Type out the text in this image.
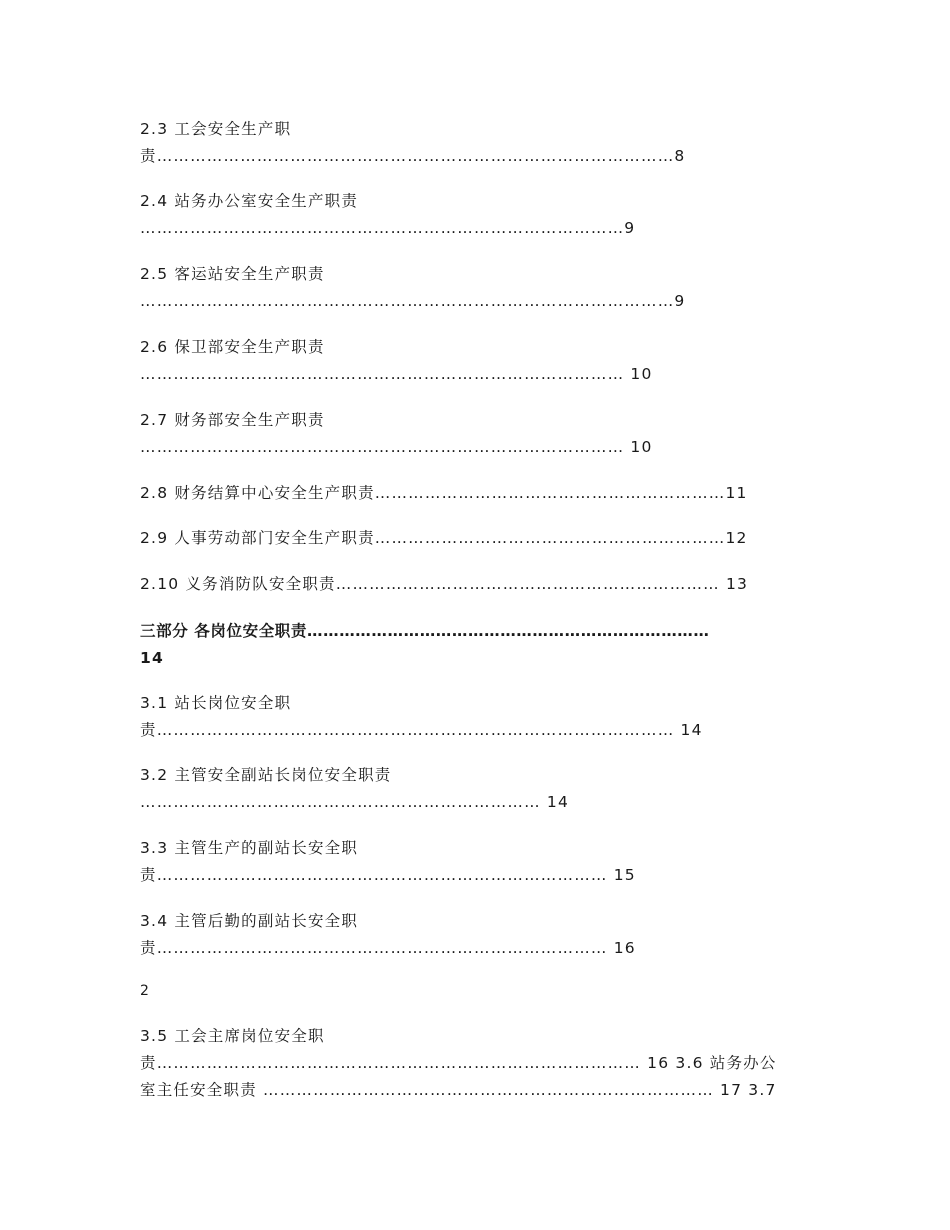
2.3 工会安全生产职
责…………………………………………………………………………………8
2.4 站务办公室安全生产职责
……………………………………………………………………………9
2.5 客运站安全生产职责
……………………………………………………………………………………9
2.6 保卫部安全生产职责
…………………………………………………………………………… 10
2.7 财务部安全生产职责
…………………………………………………………………………… 10
2.8 财务结算中心安全生产职责………………………………………………………11
2.9 人事劳动部门安全生产职责………………………………………………………12
2.10 义务消防队安全职责…………………………………………………………… 13
三部分 各岗位安全职责…………………………………………………………………
14
3.1 站长岗位安全职
责………………………………………………………………………………… 14
3.2 主管安全副站长岗位安全职责
……………………………………………………………… 14
3.3 主管生产的副站长安全职
责……………………………………………………………………… 15
3.4 主管后勤的副站长安全职
责……………………………………………………………………… 16
2
3.5 工会主席岗位安全职
责…………………………………………………………………………… 16 3.6 站务办公
室主任安全职责 ……………………………………………………………………… 17 3.7
